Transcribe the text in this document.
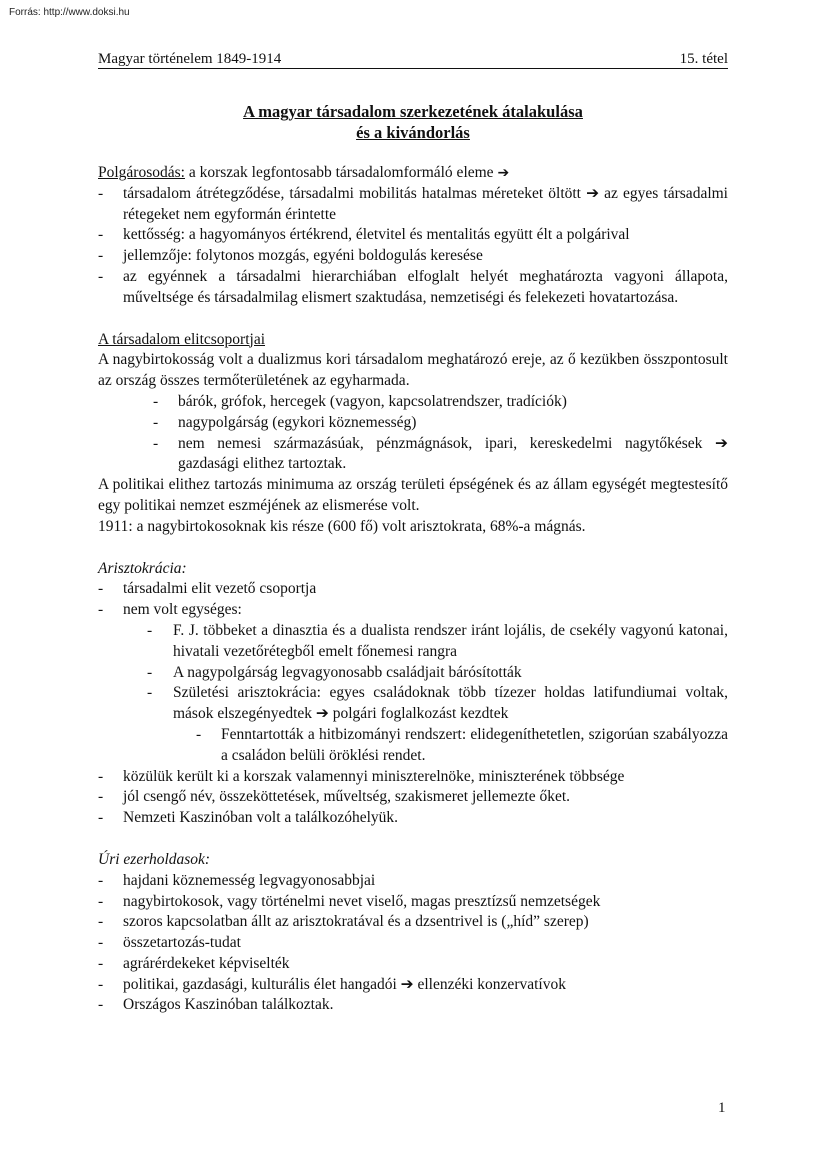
Forrás: http://www.doksi.hu
Magyar történelem 1849-1914	15. tétel
A magyar társadalom szerkezetének átalakulása
és a kivándorlás

Polgárosodás: a korszak legfontosabb társadalomformáló eleme ➔

- társadalom átrétegződése, társadalmi mobilitás hatalmas méreteket öltött ➔ az egyes társadalmi rétegeket nem egyformán érintette
- kettősség: a hagyományos értékrend, életvitel és mentalitás együtt élt a polgárival
- jellemzője: folytonos mozgás, egyéni boldogulás keresése
- az egyénnek a társadalmi hierarchiában elfoglalt helyét meghatározta vagyoni állapota, műveltsége és társadalmilag elismert szaktudása, nemzetiségi és felekezeti hovatartozása.

A társadalom elitcsoportjai

A nagybirtokosság volt a dualizmus kori társadalom meghatározó ereje, az ő kezükben összpontosult az ország összes termőterületének az egyharmada.

- bárók, grófok, hercegek (vagyon, kapcsolatrendszer, tradíciók)
- nagypolgárság (egykori köznemesség)
- nem nemesi származásúak, pénzmágnások, ipari, kereskedelmi nagytőkések ➔ gazdasági elithez tartoztak.

A politikai elithez tartozás minimuma az ország területi épségének és az állam egységét megtestesítő egy politikai nemzet eszméjének az elismerése volt.

1911: a nagybirtokosoknak kis része (600 fő) volt arisztokrata, 68%-a mágnás.

Arisztokrácia:

- társadalmi elit vezető csoportja
- nem volt egységes:
- F. J. többeket a dinasztia és a dualista rendszer iránt lojális, de csekély vagyonú katonai, hivatali vezetőrétegből emelt főnemesi rangra
- A nagypolgárság legvagyonosabb családjait bárósították
- Születési arisztokrácia: egyes családoknak több tízezer holdas latifundiumai voltak, mások elszegényedtek ➔ polgári foglalkozást kezdtek
- Fenntartották a hitbizományi rendszert: elidegeníthetetlen, szigorúan szabályozza a családon belüli öröklési rendet.
- közülük került ki a korszak valamennyi miniszterelnöke, miniszterének többsége
- jól csengő név, összeköttetések, műveltség, szakismeret jellemezte őket.
- Nemzeti Kaszinóban volt a találkozóhelyük.

Úri ezerholdasok:

- hajdani köznemesség legvagyonosabbjai
- nagybirtokosok, vagy történelmi nevet viselő, magas presztízsű nemzetségek
- szoros kapcsolatban állt az arisztokratával és a dzsentrivel is („híd” szerep)
- összetartozás-tudat
- agrárérdekeket képviselték
- politikai, gazdasági, kulturális élet hangadói ➔ ellenzéki konzervatívok
- Országos Kaszinóban találkoztak.
1
